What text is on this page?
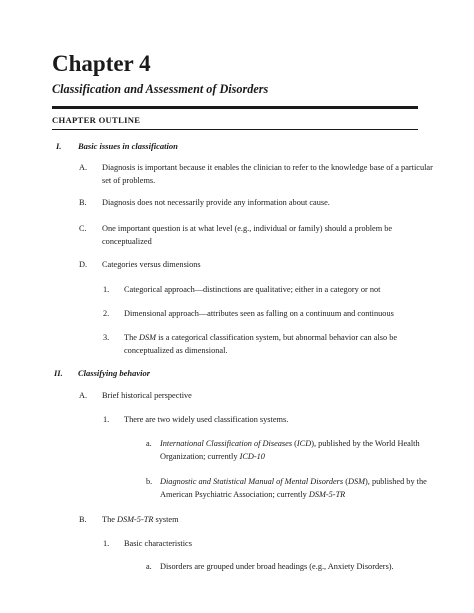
Chapter 4
Classification and Assessment of Disorders
CHAPTER OUTLINE
I. Basic issues in classification
A. Diagnosis is important because it enables the clinician to refer to the knowledge base of a particular
set of problems.
B. Diagnosis does not necessarily provide any information about cause.
C. One important question is at what level (e.g., individual or family) should a problem be
conceptualized
D. Categories versus dimensions
1. Categorical approach—distinctions are qualitative; either in a category or not
2. Dimensional approach—attributes seen as falling on a continuum and continuous
3. The DSM is a categorical classification system, but abnormal behavior can also be
conceptualized as dimensional.
II. Classifying behavior
A. Brief historical perspective
1. There are two widely used classification systems.
a. International Classification of Diseases (ICD), published by the World Health
Organization; currently ICD-10
b. Diagnostic and Statistical Manual of Mental Disorders (DSM), published by the
American Psychiatric Association; currently DSM-5-TR
B. The DSM-5-TR system
1. Basic characteristics
a. Disorders are grouped under broad headings (e.g., Anxiety Disorders).
